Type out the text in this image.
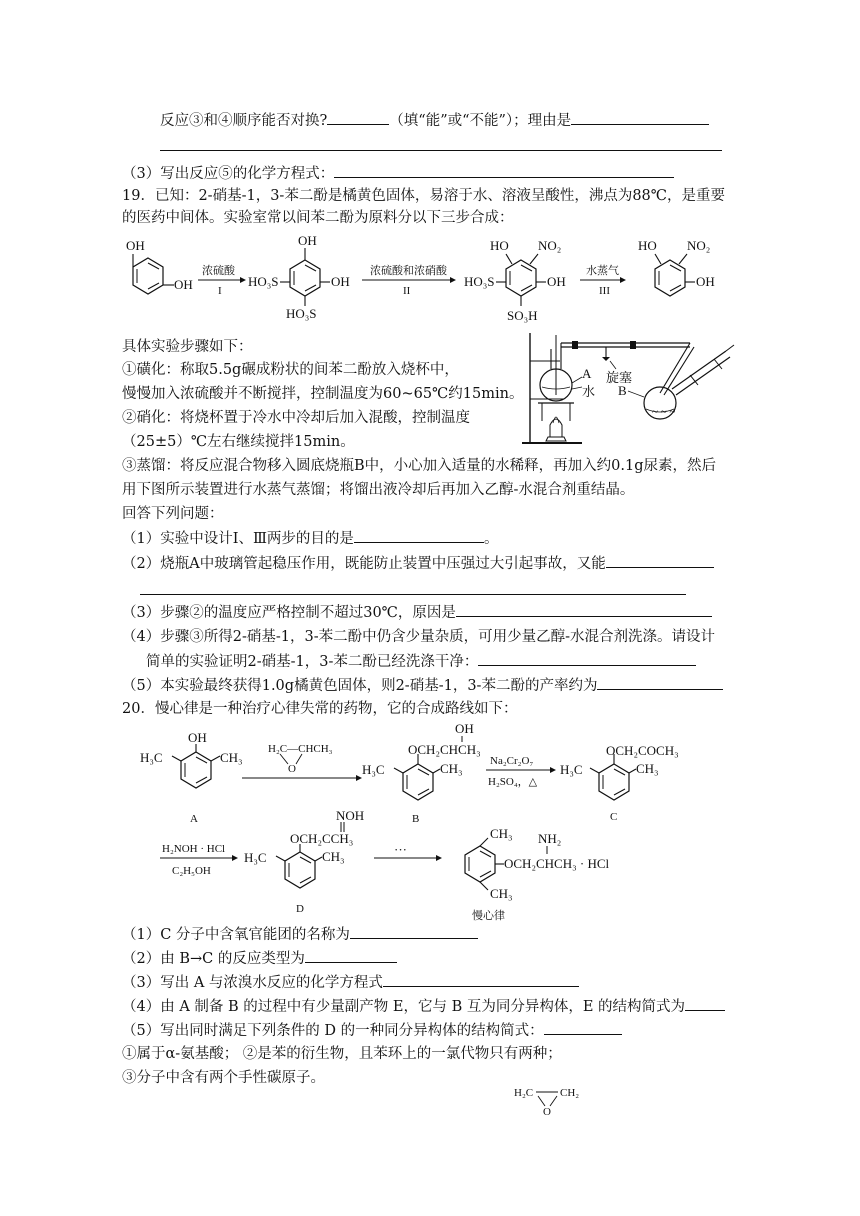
反应③和④顺序能否对换?	（填“能”或“不能”）；理由是
（3）写出反应⑤的化学方程式：
19．已知：2-硝基-1，3-苯二酚是橘黄色固体，易溶于水、溶液呈酸性，沸点为88℃，是重要
的医药中间体。实验室常以间苯二酚为原料分以下三步合成：
OH
OH
浓硫酸
I
HO₃S
OH
OH
HO₃S
浓硫酸和浓硝酸
II
HO₃S
HO NO₂
OH
SO₃H
水蒸气
III
HO NO₂
OH
具体实验步骤如下：
①磺化：称取5.5g碾成粉状的间苯二酚放入烧杯中，
慢慢加入浓硫酸并不断搅拌，控制温度为60~65℃约15min。
②硝化：将烧杯置于冷水中冷却后加入混酸，控制温度
（25±5）℃左右继续搅拌15min。
A
水
旋塞
~ ~ ~
B
③蒸馏：将反应混合物移入圆底烧瓶B中，小心加入适量的水稀释，再加入约0.1g尿素，然后
用下图所示装置进行水蒸气蒸馏；将馏出液冷却后再加入乙醇-水混合剂重结晶。
回答下列问题：
（1）实验中设计Ⅰ、Ⅲ两步的目的是	。
（2）烧瓶A中玻璃管起稳压作用，既能防止装置中压强过大引起事故，又能
（3）步骤②的温度应严格控制不超过30℃，原因是
（4）步骤③所得2-硝基-1，3-苯二酚中仍含少量杂质，可用少量乙醇-水混合剂洗涤。请设计
简单的实验证明2-硝基-1，3-苯二酚已经洗涤干净：
（5）本实验最终获得1.0g橘黄色固体，则2-硝基-1，3-苯二酚的产率约为
20．慢心律是一种治疗心律失常的药物，它的合成路线如下：
OH
H₃C	CH₃
A
H₂C—CHCH₃
O
OCH₂CHCH₃
OH
H₃C	CH₃
B
Na₂Cr₂O₇
H₂SO₄，△
OCH₂COCH₃
H₃C	CH₃
C
H₂NOH · HCl
C₂H₅OH
OCH₂CCH₃
NOH
H₃C	CH₃
D
···
CH₃
CH₃
OCH₂CHCH₃ · HCl
NH₂
慢心律
（1）C 分子中含氧官能团的名称为
（2）由 B→C 的反应类型为
（3）写出 A 与浓溴水反应的化学方程式
（4）由 A 制备 B 的过程中有少量副产物 E，它与 B 互为同分异构体，E 的结构简式为
（5）写出同时满足下列条件的 D 的一种同分异构体的结构简式：
①属于α-氨基酸； ②是苯的衍生物，且苯环上的一氯代物只有两种；
③分子中含有两个手性碳原子。
H₂C CH₂
O
